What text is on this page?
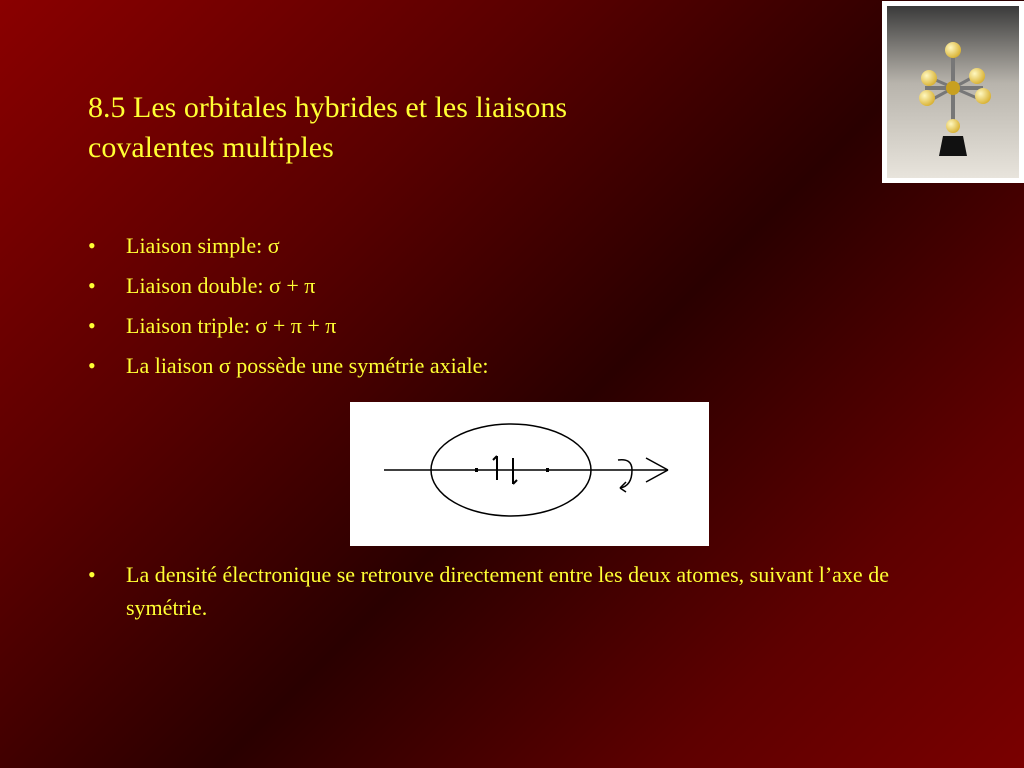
8.5 Les orbitales hybrides et les liaisons
covalentes multiples
• Liaison simple: σ
• Liaison double: σ + π
• Liaison triple: σ + π + π
• La liaison σ possède une symétrie axiale:
• La densité électronique se retrouve directement entre les deux atomes, suivant l’axe de symétrie.
